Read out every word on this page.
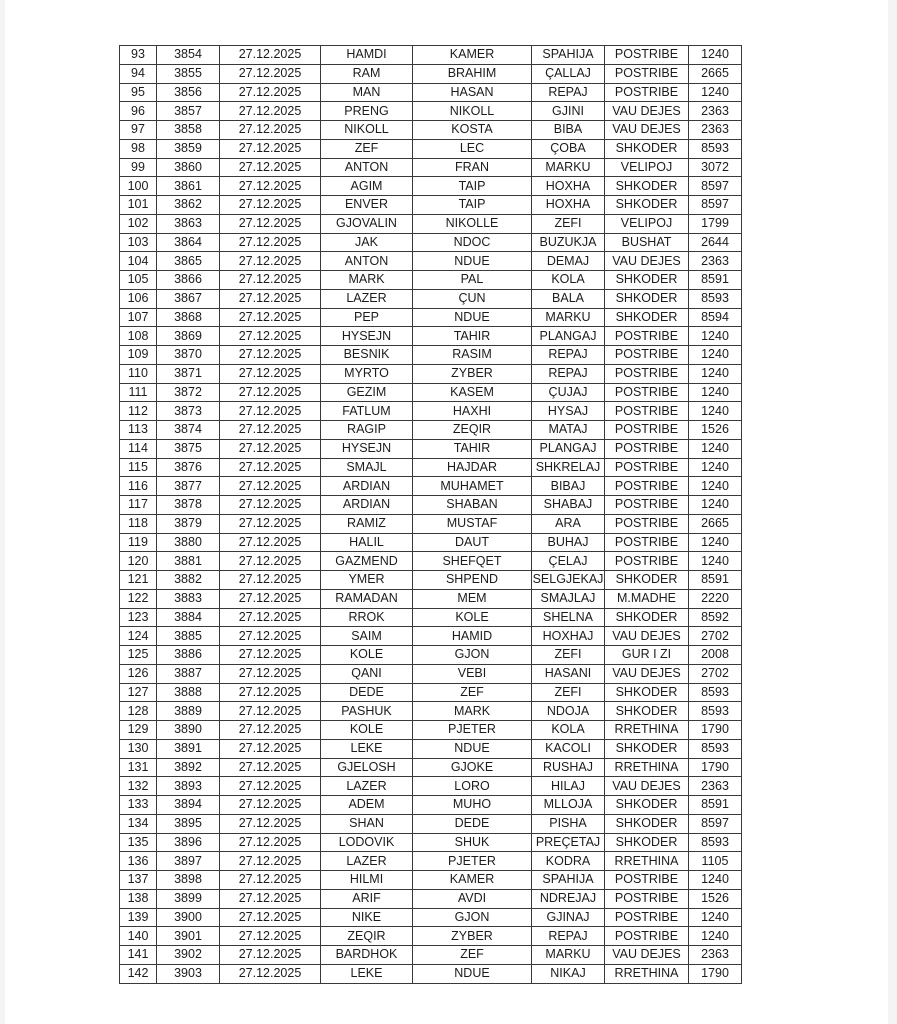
93	3854	27.12.2025	HAMDI	KAMER	SPAHIJA	POSTRIBE	1240
94	3855	27.12.2025	RAM	BRAHIM	ÇALLAJ	POSTRIBE	2665
95	3856	27.12.2025	MAN	HASAN	REPAJ	POSTRIBE	1240
96	3857	27.12.2025	PRENG	NIKOLL	GJINI	VAU DEJES	2363
97	3858	27.12.2025	NIKOLL	KOSTA	BIBA	VAU DEJES	2363
98	3859	27.12.2025	ZEF	LEC	ÇOBA	SHKODER	8593
99	3860	27.12.2025	ANTON	FRAN	MARKU	VELIPOJ	3072
100	3861	27.12.2025	AGIM	TAIP	HOXHA	SHKODER	8597
101	3862	27.12.2025	ENVER	TAIP	HOXHA	SHKODER	8597
102	3863	27.12.2025	GJOVALIN	NIKOLLE	ZEFI	VELIPOJ	1799
103	3864	27.12.2025	JAK	NDOC	BUZUKJA	BUSHAT	2644
104	3865	27.12.2025	ANTON	NDUE	DEMAJ	VAU DEJES	2363
105	3866	27.12.2025	MARK	PAL	KOLA	SHKODER	8591
106	3867	27.12.2025	LAZER	ÇUN	BALA	SHKODER	8593
107	3868	27.12.2025	PEP	NDUE	MARKU	SHKODER	8594
108	3869	27.12.2025	HYSEJN	TAHIR	PLANGAJ	POSTRIBE	1240
109	3870	27.12.2025	BESNIK	RASIM	REPAJ	POSTRIBE	1240
110	3871	27.12.2025	MYRTO	ZYBER	REPAJ	POSTRIBE	1240
111	3872	27.12.2025	GEZIM	KASEM	ÇUJAJ	POSTRIBE	1240
112	3873	27.12.2025	FATLUM	HAXHI	HYSAJ	POSTRIBE	1240
113	3874	27.12.2025	RAGIP	ZEQIR	MATAJ	POSTRIBE	1526
114	3875	27.12.2025	HYSEJN	TAHIR	PLANGAJ	POSTRIBE	1240
115	3876	27.12.2025	SMAJL	HAJDAR	SHKRELAJ	POSTRIBE	1240
116	3877	27.12.2025	ARDIAN	MUHAMET	BIBAJ	POSTRIBE	1240
117	3878	27.12.2025	ARDIAN	SHABAN	SHABAJ	POSTRIBE	1240
118	3879	27.12.2025	RAMIZ	MUSTAF	ARA	POSTRIBE	2665
119	3880	27.12.2025	HALIL	DAUT	BUHAJ	POSTRIBE	1240
120	3881	27.12.2025	GAZMEND	SHEFQET	ÇELAJ	POSTRIBE	1240
121	3882	27.12.2025	YMER	SHPEND	SELGJEKAJ	SHKODER	8591
122	3883	27.12.2025	RAMADAN	MEM	SMAJLAJ	M.MADHE	2220
123	3884	27.12.2025	RROK	KOLE	SHELNA	SHKODER	8592
124	3885	27.12.2025	SAIM	HAMID	HOXHAJ	VAU DEJES	2702
125	3886	27.12.2025	KOLE	GJON	ZEFI	GUR I ZI	2008
126	3887	27.12.2025	QANI	VEBI	HASANI	VAU DEJES	2702
127	3888	27.12.2025	DEDE	ZEF	ZEFI	SHKODER	8593
128	3889	27.12.2025	PASHUK	MARK	NDOJA	SHKODER	8593
129	3890	27.12.2025	KOLE	PJETER	KOLA	RRETHINA	1790
130	3891	27.12.2025	LEKE	NDUE	KACOLI	SHKODER	8593
131	3892	27.12.2025	GJELOSH	GJOKE	RUSHAJ	RRETHINA	1790
132	3893	27.12.2025	LAZER	LORO	HILAJ	VAU DEJES	2363
133	3894	27.12.2025	ADEM	MUHO	MLLOJA	SHKODER	8591
134	3895	27.12.2025	SHAN	DEDE	PISHA	SHKODER	8597
135	3896	27.12.2025	LODOVIK	SHUK	PREÇETAJ	SHKODER	8593
136	3897	27.12.2025	LAZER	PJETER	KODRA	RRETHINA	1105
137	3898	27.12.2025	HILMI	KAMER	SPAHIJA	POSTRIBE	1240
138	3899	27.12.2025	ARIF	AVDI	NDREJAJ	POSTRIBE	1526
139	3900	27.12.2025	NIKE	GJON	GJINAJ	POSTRIBE	1240
140	3901	27.12.2025	ZEQIR	ZYBER	REPAJ	POSTRIBE	1240
141	3902	27.12.2025	BARDHOK	ZEF	MARKU	VAU DEJES	2363
142	3903	27.12.2025	LEKE	NDUE	NIKAJ	RRETHINA	1790
